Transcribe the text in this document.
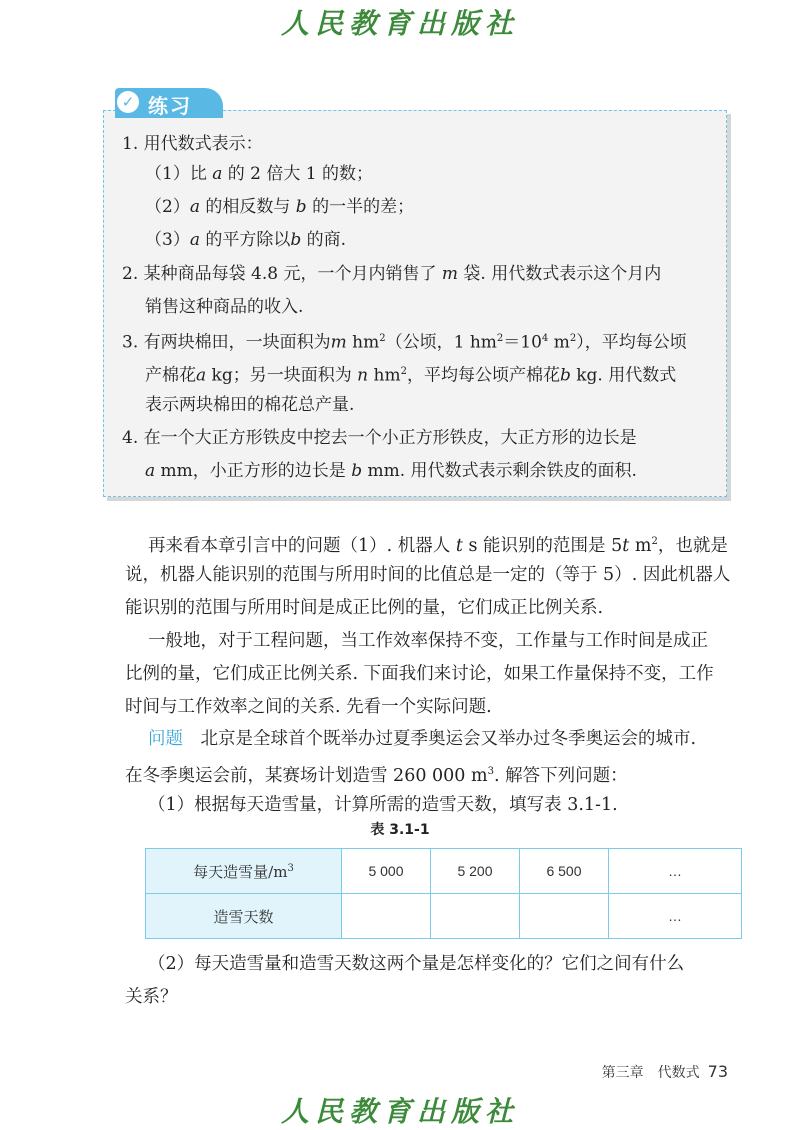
人民教育出版社
✓ 练习
1. 用代数式表示：
（1）比 a 的 2 倍大 1 的数；
（2）a 的相反数与 b 的一半的差；
（3）a 的平方除以b 的商.
2. 某种商品每袋 4.8 元，一个月内销售了 m 袋. 用代数式表示这个月内
销售这种商品的收入.
3. 有两块棉田，一块面积为m $hm^2$（公顷，1 $hm^2=10^4$ $m^2$），平均每公顷
产棉花a kg；另一块面积为 n $hm^2$，平均每公顷产棉花b kg. 用代数式
表示两块棉田的棉花总产量.
4. 在一个大正方形铁皮中挖去一个小正方形铁皮，大正方形的边长是
a mm，小正方形的边长是 b mm. 用代数式表示剩余铁皮的面积.
再来看本章引言中的问题（1）. 机器人 t s 能识别的范围是 5t $m^2$，也就是
说，机器人能识别的范围与所用时间的比值总是一定的（等于 5）. 因此机器人
能识别的范围与所用时间是成正比例的量，它们成正比例关系.
一般地，对于工程问题，当工作效率保持不变，工作量与工作时间是成正
比例的量，它们成正比例关系. 下面我们来讨论，如果工作量保持不变，工作
时间与工作效率之间的关系. 先看一个实际问题.
问题　 北京是全球首个既举办过夏季奥运会又举办过冬季奥运会的城市.
在冬季奥运会前，某赛场计划造雪 260 000 $m^3$. 解答下列问题：
（1）根据每天造雪量，计算所需的造雪天数，填写表 3.1-1.
表 3.1-1
每天造雪量$/m^3$	5 000	5 200	6 500	…
造雪天数				…
（2）每天造雪量和造雪天数这两个量是怎样变化的？它们之间有什么
关系？
第三章　代数式 73
人民教育出版社
